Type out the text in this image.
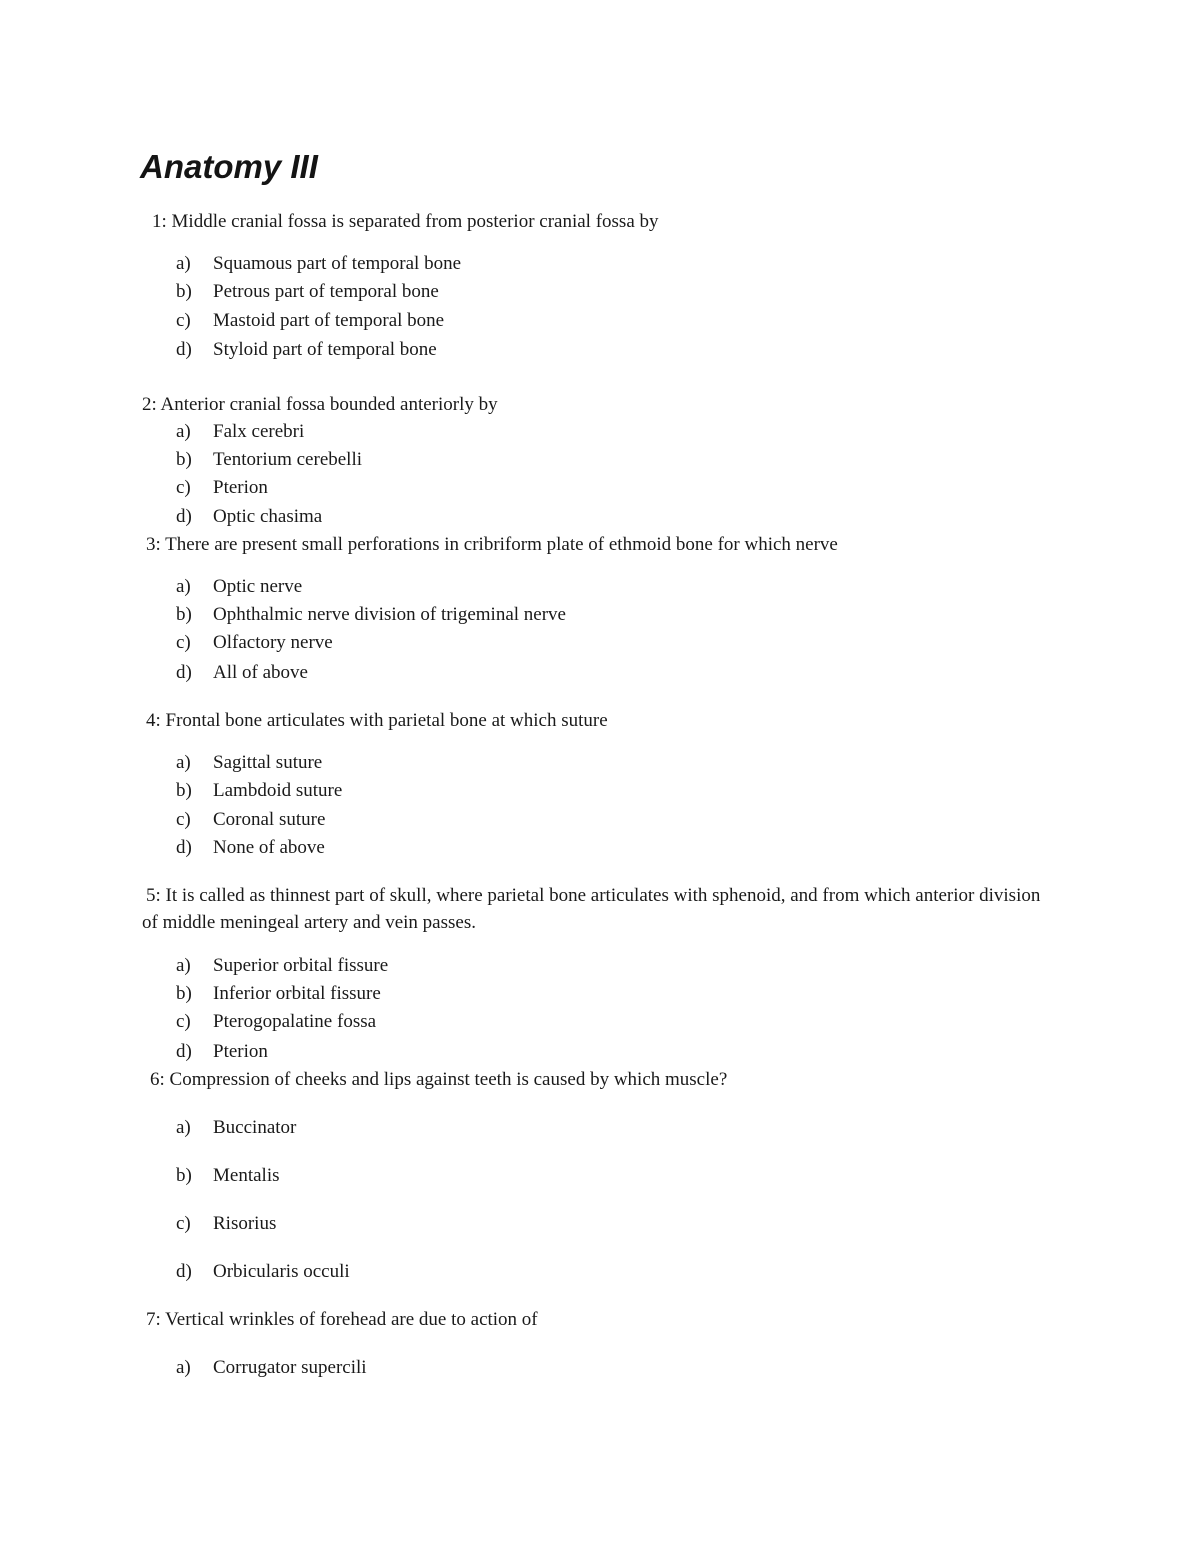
Anatomy III

1: Middle cranial fossa is separated from posterior cranial fossa by

a) Squamous part of temporal bone

b) Petrous part of temporal bone

c) Mastoid part of temporal bone

d) Styloid part of temporal bone

2: Anterior cranial fossa bounded anteriorly by

a) Falx cerebri

b) Tentorium cerebelli

c) Pterion

d) Optic chasima

3: There are present small perforations in cribriform plate of ethmoid bone for which nerve

a) Optic nerve

b) Ophthalmic nerve division of trigeminal nerve

c) Olfactory nerve

d) All of above

4: Frontal bone articulates with parietal bone at which suture

a) Sagittal suture

b) Lambdoid suture

c) Coronal suture

d) None of above

5: It is called as thinnest part of skull, where parietal bone articulates with sphenoid, and from which anterior division of middle meningeal artery and vein passes.

a) Superior orbital fissure

b) Inferior orbital fissure

c) Pterogopalatine fossa

d) Pterion

6: Compression of cheeks and lips against teeth is caused by which muscle?

a) Buccinator

b) Mentalis

c) Risorius

d) Orbicularis occuli

7: Vertical wrinkles of forehead are due to action of

a) Corrugator supercili
